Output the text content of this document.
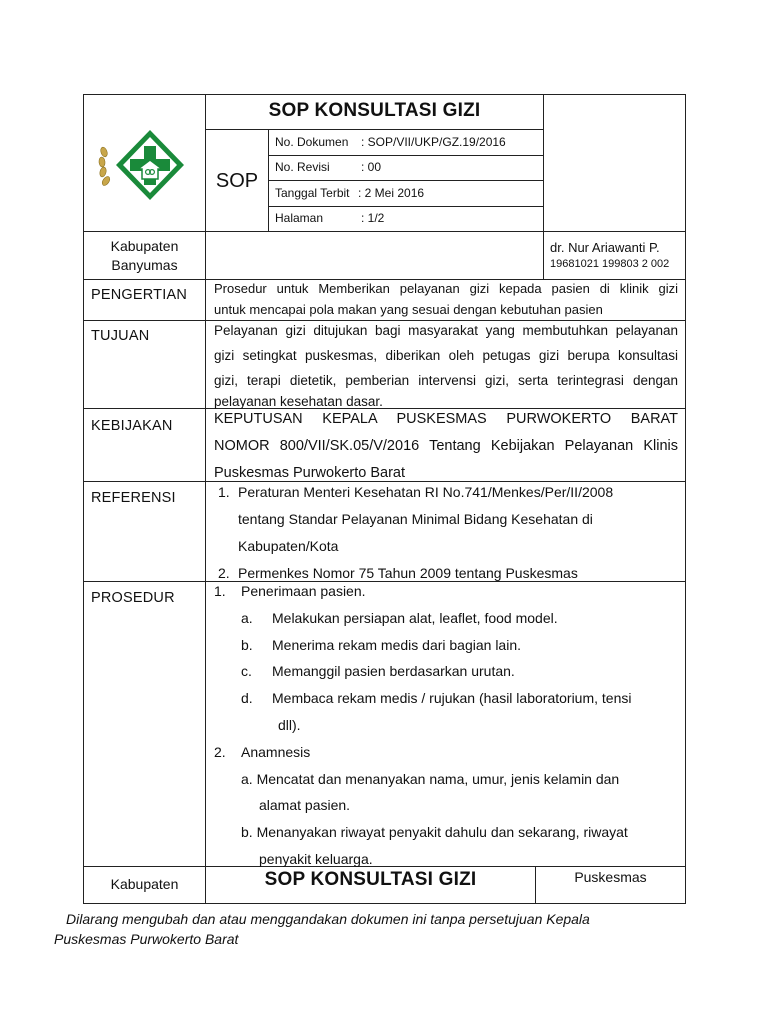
SOP KONSULTASI GIZI
SOP
No. Dokumen : SOP/VII/UKP/GZ.19/2016
No. Revisi	: 00
Tanggal Terbit : 2 Mei 2016
Halaman	: 1/2
Kabupaten
Banyumas
dr. Nur Ariawanti P.
19681021 199803 2 002
PENGERTIAN Prosedur untuk Memberikan pelayanan gizi kepada pasien di klinik gizi
untuk mencapai pola makan yang sesuai dengan kebutuhan pasien
TUJUAN	Pelayanan gizi ditujukan bagi masyarakat yang membutuhkan pelayanan
gizi setingkat puskesmas, diberikan oleh petugas gizi berupa konsultasi
gizi, terapi dietetik, pemberian intervensi gizi, serta terintegrasi dengan
pelayanan kesehatan dasar.
KEBIJAKAN	KEPUTUSAN KEPALA PUSKESMAS PURWOKERTO BARAT
NOMOR 800/VII/SK.05/V/2016 Tentang Kebijakan Pelayanan Klinis
Puskesmas Purwokerto Barat
REFERENSI	1. Peraturan Menteri Kesehatan RI No.741/Menkes/Per/II/2008
tentang Standar Pelayanan Minimal Bidang Kesehatan di
Kabupaten/Kota
2. Permenkes Nomor 75 Tahun 2009 tentang Puskesmas
PROSEDUR	1. Penerimaan pasien.
a. Melakukan persiapan alat, leaflet, food model.
b. Menerima rekam medis dari bagian lain.
c. Memanggil pasien berdasarkan urutan.
d. Membaca rekam medis / rujukan (hasil laboratorium, tensi
dll).
2. Anamnesis
a. Mencatat dan menanyakan nama, umur, jenis kelamin dan
alamat pasien.
b. Menanyakan riwayat penyakit dahulu dan sekarang, riwayat
penyakit keluarga.
Kabupaten	SOP KONSULTASI GIZI	Puskesmas
Dilarang mengubah dan atau menggandakan dokumen ini tanpa persetujuan Kepala
Puskesmas Purwokerto Barat
